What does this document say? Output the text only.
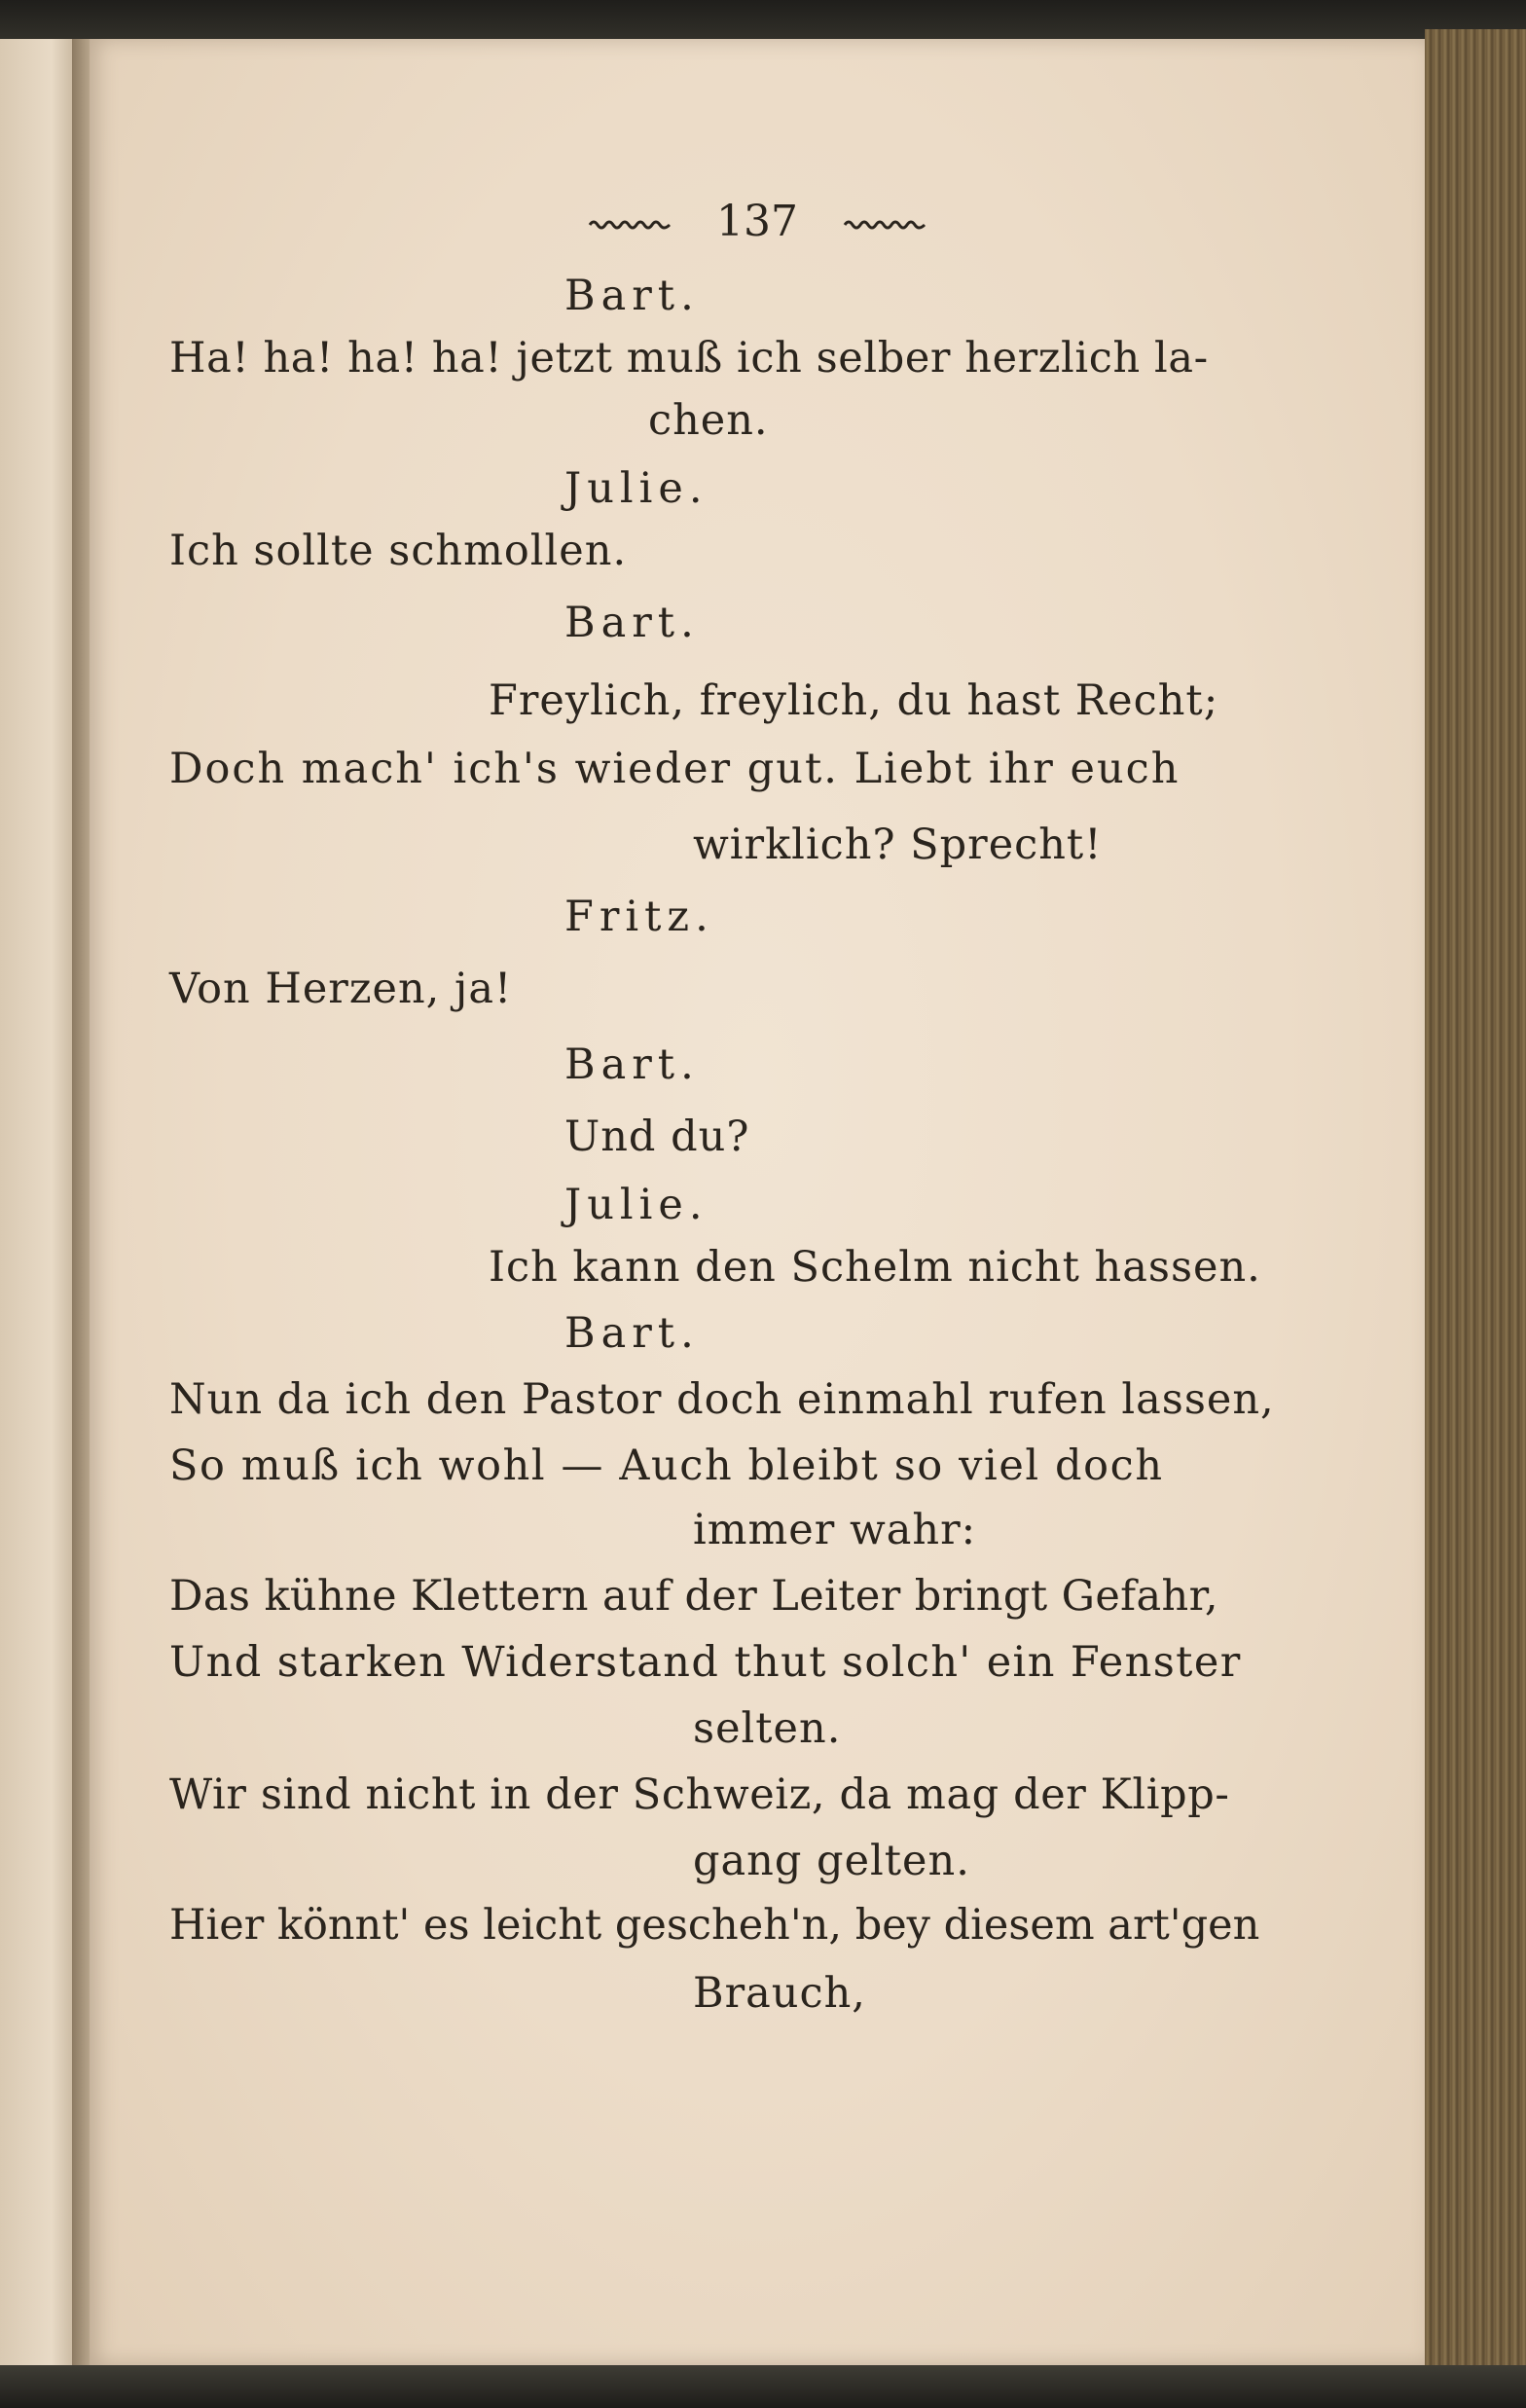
137
Bart.
Ha! ha! ha! ha! jetzt muß ich selber herzlich la-
chen.
Julie.
Ich sollte schmollen.
Bart.
Freylich, freylich, du hast Recht;
Doch mach' ich's wieder gut. Liebt ihr euch
wirklich? Sprecht!
Fritz.
Von Herzen, ja!
Bart.
Und du?
Julie.
Ich kann den Schelm nicht hassen.
Bart.
Nun da ich den Pastor doch einmahl rufen lassen,
So muß ich wohl — Auch bleibt so viel doch
immer wahr:
Das kühne Klettern auf der Leiter bringt Gefahr,
Und starken Widerstand thut solch' ein Fenster
selten.
Wir sind nicht in der Schweiz, da mag der Klipp-
gang gelten.
Hier könnt' es leicht gescheh'n, bey diesem art'gen
Brauch,
